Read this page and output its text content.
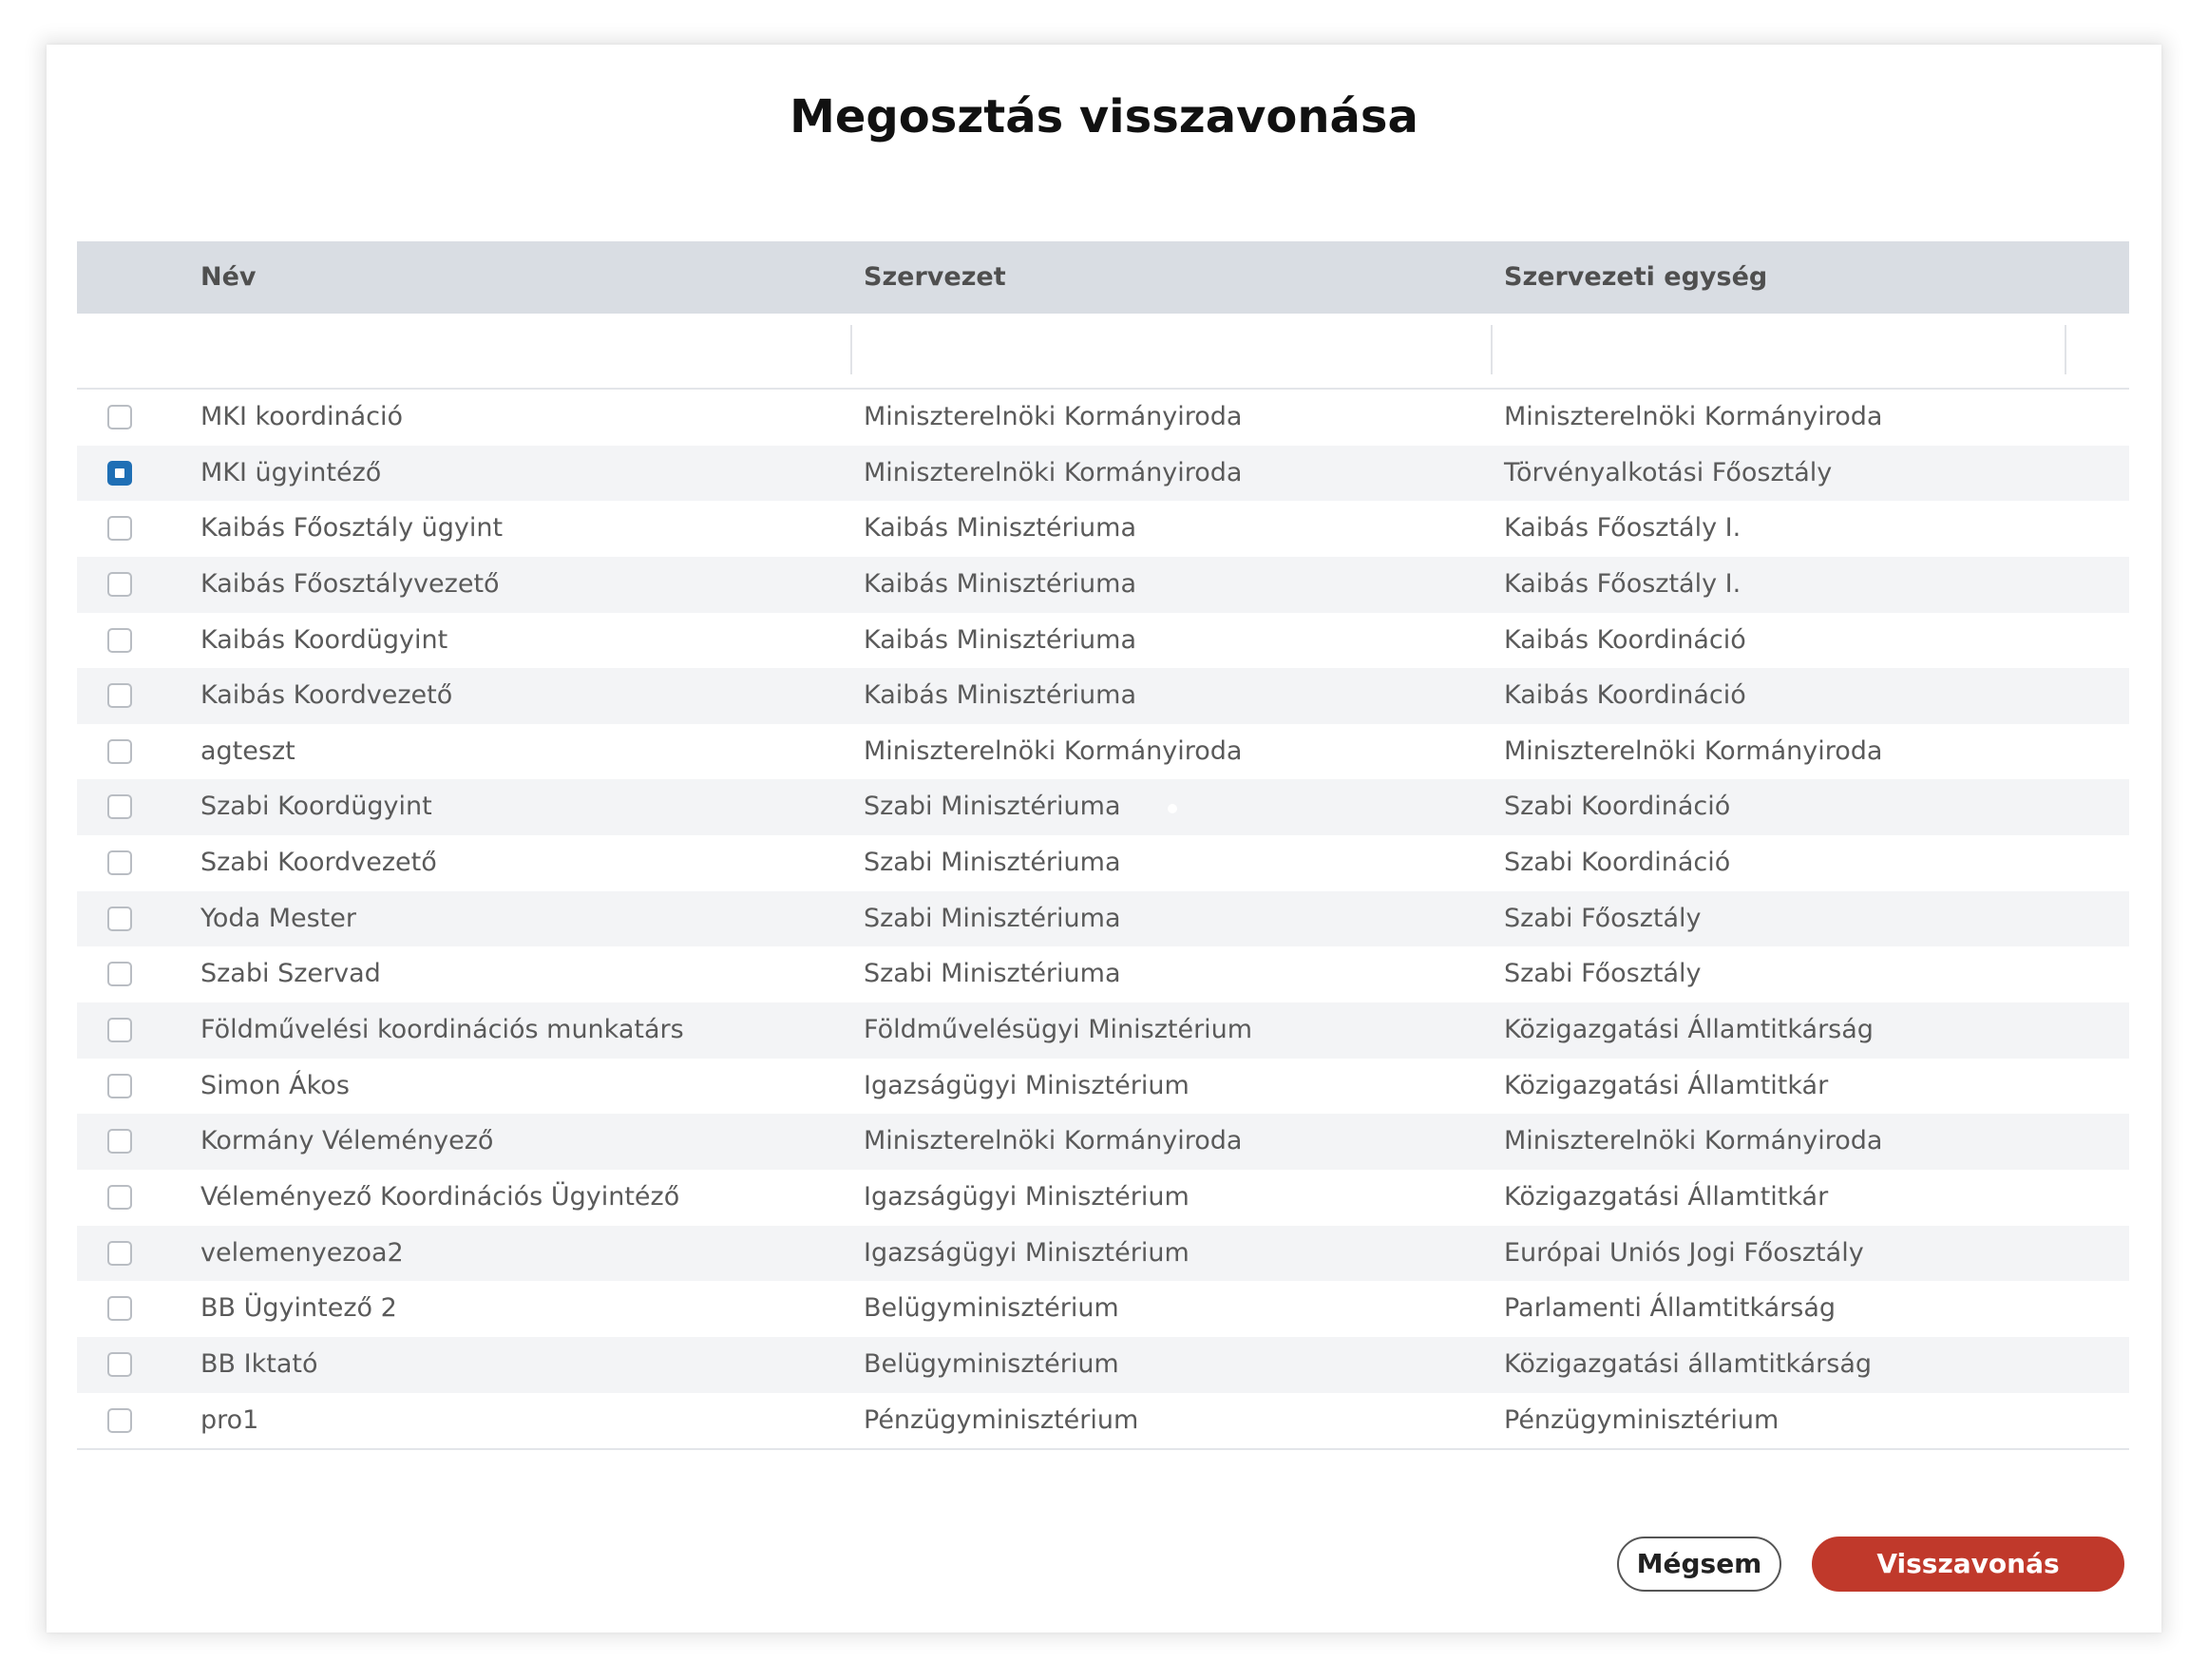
Megosztás visszavonása
Név	Szervezet	Szervezeti egység
MKI koordináció	Miniszterelnöki Kormányiroda	Miniszterelnöki Kormányiroda
MKI ügyintéző	Miniszterelnöki Kormányiroda	Törvényalkotási Főosztály
Kaibás Főosztály ügyint	Kaibás Minisztériuma	Kaibás Főosztály I.
Kaibás Főosztályvezető	Kaibás Minisztériuma	Kaibás Főosztály I.
Kaibás Koordügyint	Kaibás Minisztériuma	Kaibás Koordináció
Kaibás Koordvezető	Kaibás Minisztériuma	Kaibás Koordináció
agteszt	Miniszterelnöki Kormányiroda	Miniszterelnöki Kormányiroda
Szabi Koordügyint	Szabi Minisztériuma	Szabi Koordináció
Szabi Koordvezető	Szabi Minisztériuma	Szabi Koordináció
Yoda Mester	Szabi Minisztériuma	Szabi Főosztály
Szabi Szervad	Szabi Minisztériuma	Szabi Főosztály
Földművelési koordinációs munkatárs	Földművelésügyi Minisztérium	Közigazgatási Államtitkárság
Simon Ákos	Igazságügyi Minisztérium	Közigazgatási Államtitkár
Kormány Véleményező	Miniszterelnöki Kormányiroda	Miniszterelnöki Kormányiroda
Véleményező Koordinációs Ügyintéző	Igazságügyi Minisztérium	Közigazgatási Államtitkár
velemenyezoa2	Igazságügyi Minisztérium	Európai Uniós Jogi Főosztály
BB Ügyintező 2	Belügyminisztérium	Parlamenti Államtitkárság
BB Iktató	Belügyminisztérium	Közigazgatási államtitkárság
pro1	Pénzügyminisztérium	Pénzügyminisztérium
Mégsem	Visszavonás
